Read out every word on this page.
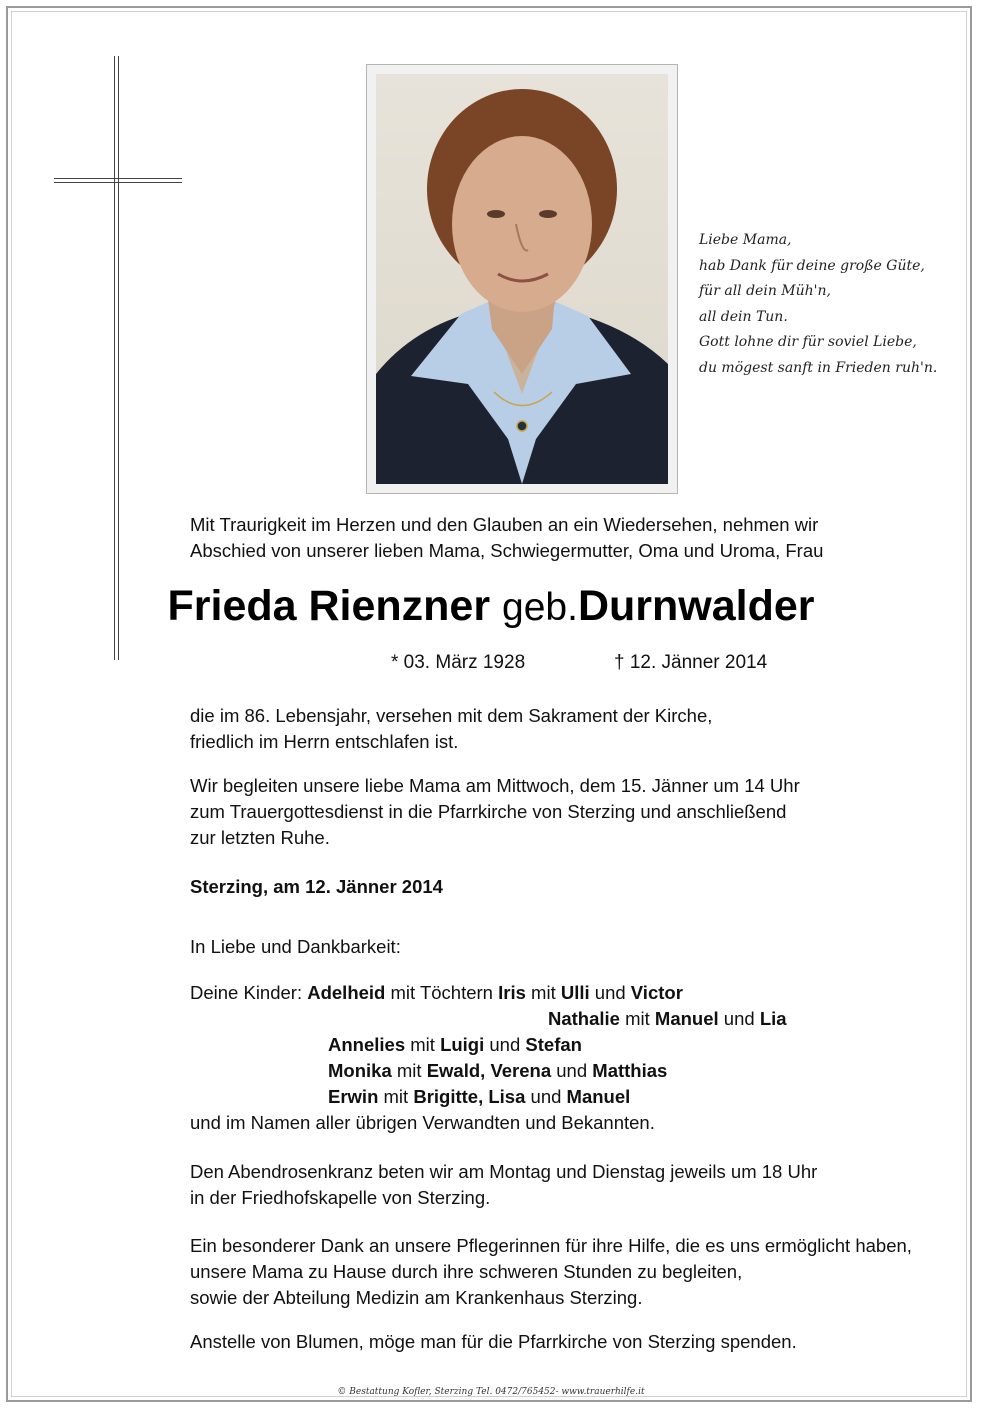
Liebe Mama,
hab Dank für deine große Güte,
für all dein Müh'n,
all dein Tun.
Gott lohne dir für soviel Liebe,
du mögest sanft in Frieden ruh'n.
Mit Traurigkeit im Herzen und den Glauben an ein Wiedersehen, nehmen wir
Abschied von unserer lieben Mama, Schwiegermutter, Oma und Uroma, Frau
Frieda Rienzner geb.Durnwalder
* 03. März 1928	† 12. Jänner 2014
die im 86. Lebensjahr, versehen mit dem Sakrament der Kirche,
friedlich im Herrn entschlafen ist.
Wir begleiten unsere liebe Mama am Mittwoch, dem 15. Jänner um 14 Uhr
zum Trauergottesdienst in die Pfarrkirche von Sterzing und anschließend
zur letzten Ruhe.
Sterzing, am 12. Jänner 2014
In Liebe und Dankbarkeit:
Deine Kinder: Adelheid mit Töchtern Iris mit Ulli und Victor
Nathalie mit Manuel und Lia
Annelies mit Luigi und Stefan
Monika mit Ewald, Verena und Matthias
Erwin mit Brigitte, Lisa und Manuel
und im Namen aller übrigen Verwandten und Bekannten.
Den Abendrosenkranz beten wir am Montag und Dienstag jeweils um 18 Uhr
in der Friedhofskapelle von Sterzing.
Ein besonderer Dank an unsere Pflegerinnen für ihre Hilfe, die es uns ermöglicht haben,
unsere Mama zu Hause durch ihre schweren Stunden zu begleiten,
sowie der Abteilung Medizin am Krankenhaus Sterzing.
Anstelle von Blumen, möge man für die Pfarrkirche von Sterzing spenden.
© Bestattung Kofler, Sterzing Tel. 0472/765452- www.trauerhilfe.it
